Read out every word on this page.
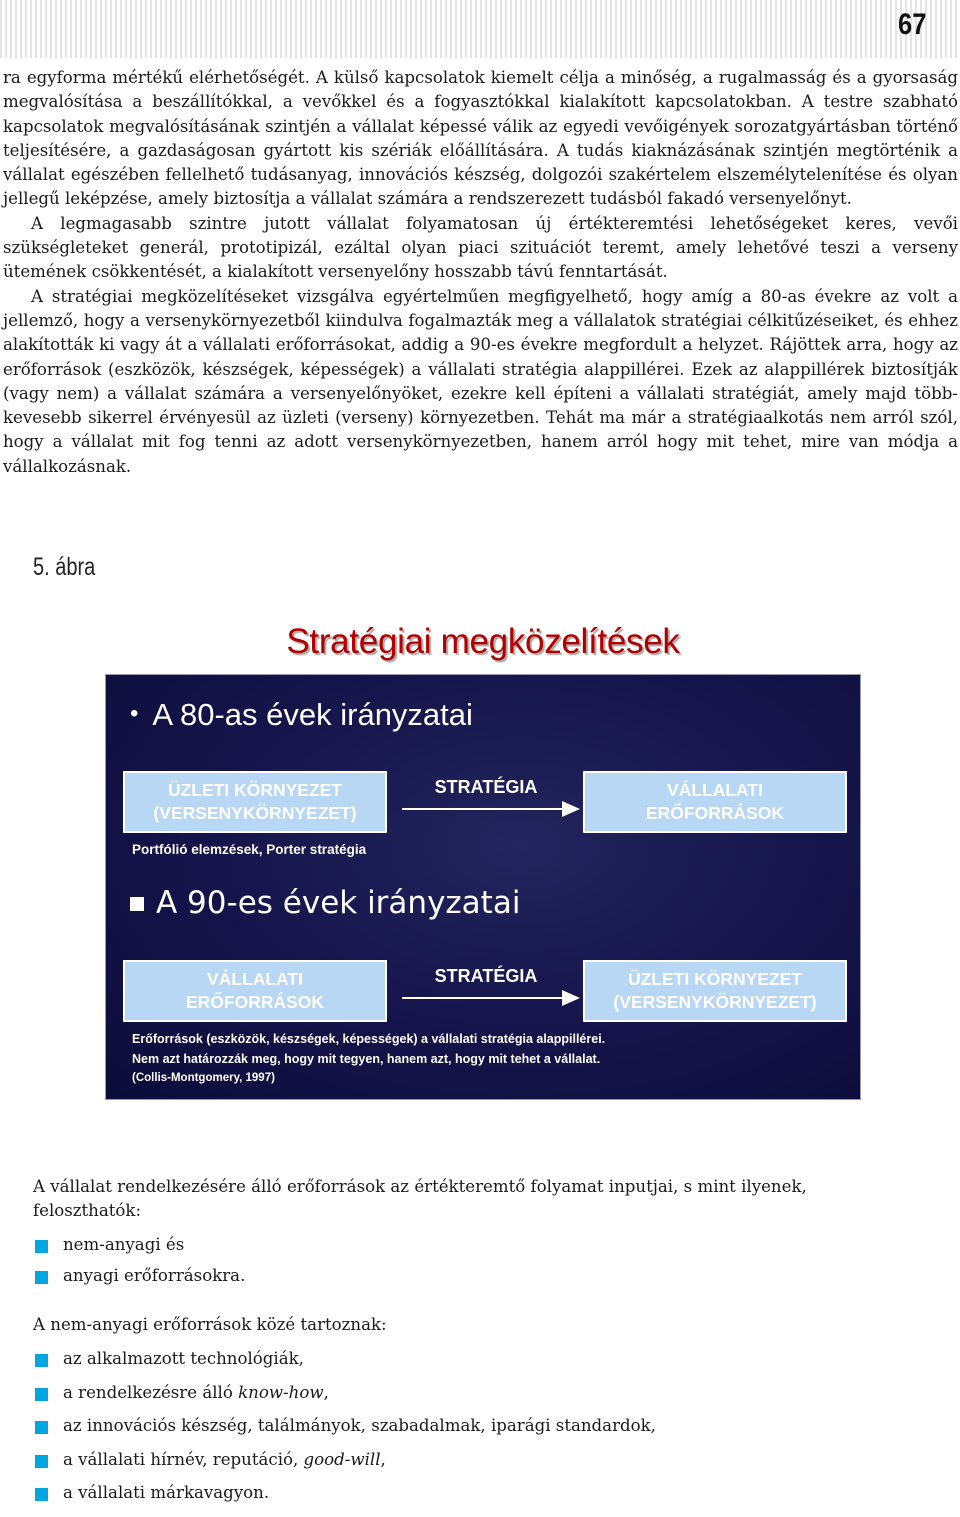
67

ra egyforma mértékű elérhetőségét. A külső kapcsolatok kiemelt célja a minőség, a rugalmasság és a gyorsaság megvalósítása a beszállítókkal, a vevőkkel és a fogyasztókkal kialakított kapcsolatokban. A testre szabható kapcsolatok megvalósításának szintjén a vállalat képessé válik az egyedi vevőigények sorozatgyártásban történő teljesítésére, a gazdaságosan gyártott kis szériák előállítására. A tudás kiaknázásának szintjén megtörténik a vállalat egészében fellelhető tudásanyag, innovációs készség, dolgozói szakértelem elszemélytelenítése és olyan jellegű leképzése, amely biztosítja a vállalat számára a rendszerezett tudásból fakadó versenyelőnyt.

A legmagasabb szintre jutott vállalat folyamatosan új értékteremtési lehetőségeket keres, vevői szükségleteket generál, prototipizál, ezáltal olyan piaci szituációt teremt, amely lehetővé teszi a verseny ütemének csökkentését, a kialakított versenyelőny hosszabb távú fenntartását.

A stratégiai megközelítéseket vizsgálva egyértelműen megfigyelhető, hogy amíg a 80-as évekre az volt a jellemző, hogy a versenykörnyezetből kiindulva fogalmazták meg a vállalatok stratégiai célkitűzéseiket, és ehhez alakították ki vagy át a vállalati erőforrásokat, addig a 90-es évekre megfordult a helyzet. Rájöttek arra, hogy az erőforrások (eszközök, készségek, képességek) a vállalati stratégia alappillérei. Ezek az alappillérek biztosítják (vagy nem) a vállalat számára a versenyelőnyöket, ezekre kell építeni a vállalati stratégiát, amely majd több-kevesebb sikerrel érvényesül az üzleti (verseny) környezetben. Tehát ma már a stratégiaalkotás nem arról szól, hogy a vállalat mit fog tenni az adott versenykörnyezetben, hanem arról hogy mit tehet, mire van módja a vállalkozásnak.

5. ábra
Stratégiai megközelítések
• A 80-as évek irányzatai
ÜZLETI KÖRNYEZET
(VERSENYKÖRNYEZET)
STRATÉGIA	VÁLLALATI
ERŐFORRÁSOK
Portfólió elemzések, Porter stratégia
A 90-es évek irányzatai
VÁLLALATI
ERŐFORRÁSOK
STRATÉGIA	ÜZLETI KÖRNYEZET
(VERSENYKÖRNYEZET)
Erőforrások (eszközök, készségek, képességek) a vállalati stratégia alappillérei.
Nem azt határozzák meg, hogy mit tegyen, hanem azt, hogy mit tehet a vállalat.
(Collis-Montgomery, 1997)
A vállalat rendelkezésére álló erőforrások az értékteremtő folyamat inputjai, s mint ilyenek, feloszthatók:
nem-anyagi és
anyagi erőforrásokra.
A nem-anyagi erőforrások közé tartoznak:
az alkalmazott technológiák,
a rendelkezésre álló know-how,
az innovációs készség, találmányok, szabadalmak, iparági standardok,
a vállalati hírnév, reputáció, good-will,
a vállalati márkavagyon.
